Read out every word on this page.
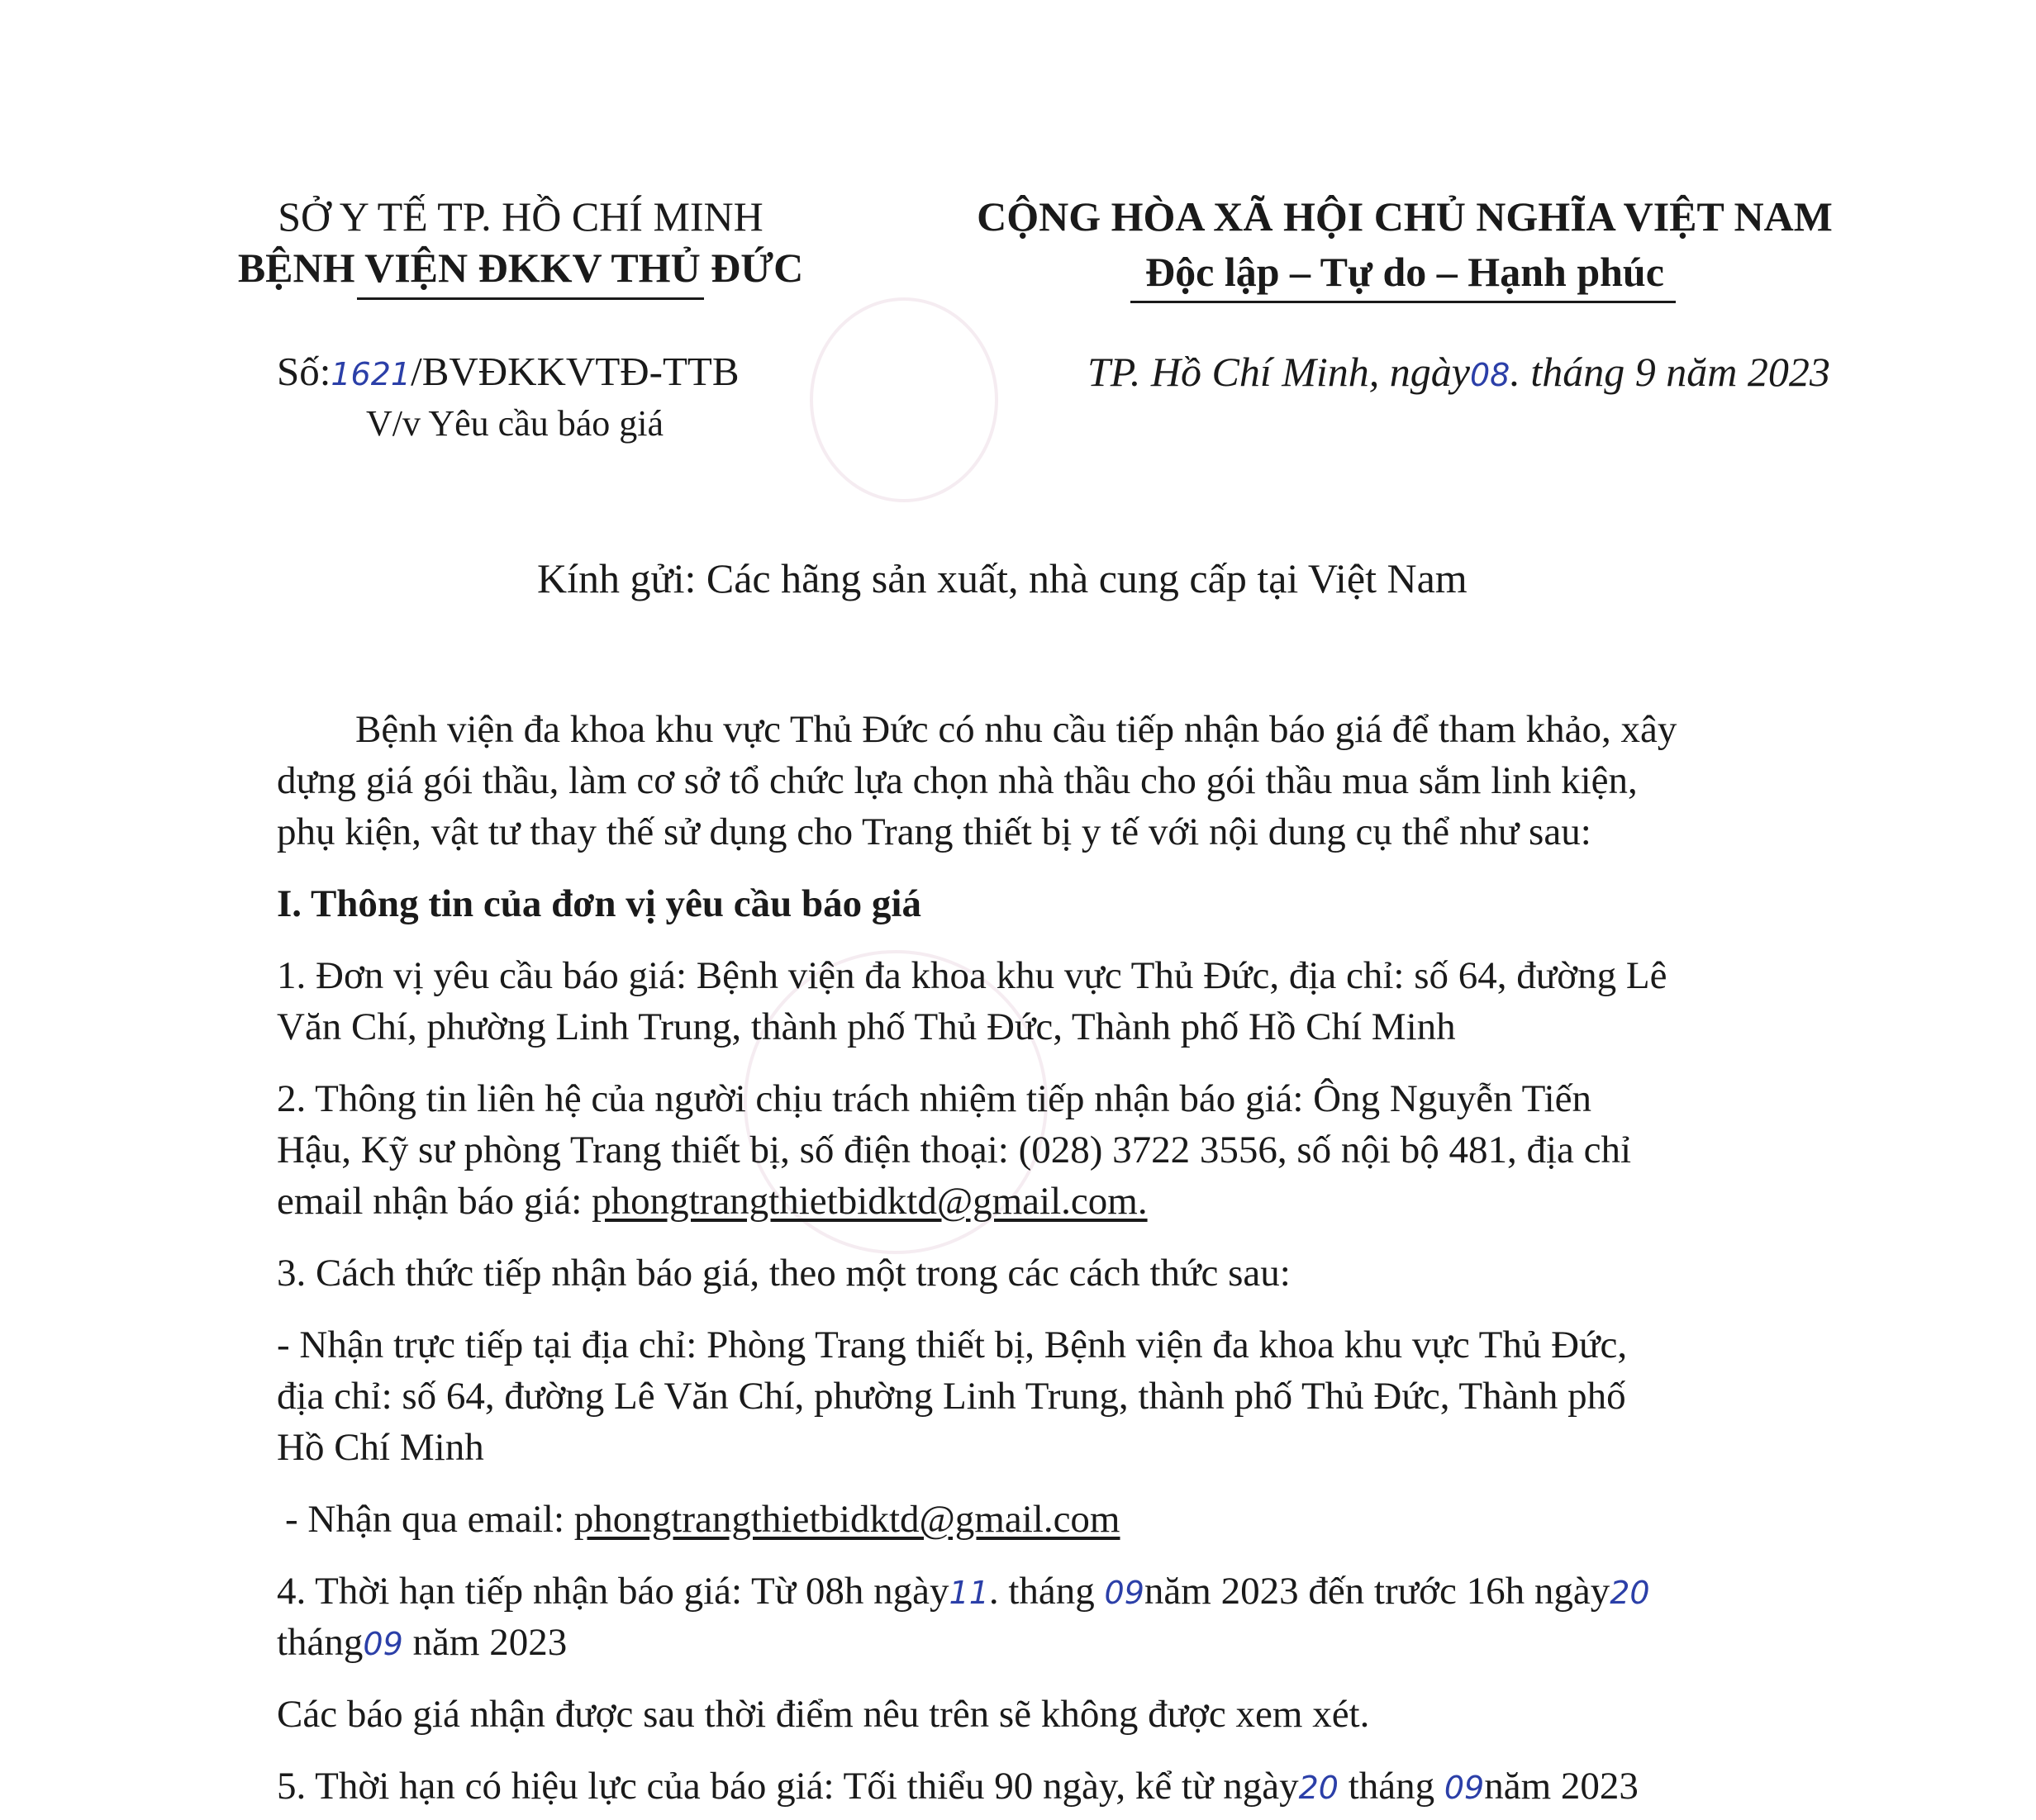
SỞ Y TẾ TP. HỒ CHÍ MINH
BỆNH VIỆN ĐKKV THỦ ĐỨC
CỘNG HÒA XÃ HỘI CHỦ NGHĨA VIỆT NAM
Độc lập – Tự do – Hạnh phúc
Số:1621/BVĐKKVTĐ-TTB
V/v Yêu cầu báo giá
TP. Hồ Chí Minh, ngày08. tháng 9 năm 2023
Kính gửi: Các hãng sản xuất, nhà cung cấp tại Việt Nam
Bệnh viện đa khoa khu vực Thủ Đức có nhu cầu tiếp nhận báo giá để tham khảo, xây
dựng giá gói thầu, làm cơ sở tổ chức lựa chọn nhà thầu cho gói thầu mua sắm linh kiện,
phụ kiện, vật tư thay thế sử dụng cho Trang thiết bị y tế với nội dung cụ thể như sau:
I. Thông tin của đơn vị yêu cầu báo giá
1. Đơn vị yêu cầu báo giá: Bệnh viện đa khoa khu vực Thủ Đức, địa chỉ: số 64, đường Lê
Văn Chí, phường Linh Trung, thành phố Thủ Đức, Thành phố Hồ Chí Minh
2. Thông tin liên hệ của người chịu trách nhiệm tiếp nhận báo giá: Ông Nguyễn Tiến
Hậu, Kỹ sư phòng Trang thiết bị, số điện thoại: (028) 3722 3556, số nội bộ 481, địa chỉ
email nhận báo giá: phongtrangthietbidktd@gmail.com.
3. Cách thức tiếp nhận báo giá, theo một trong các cách thức sau:
- Nhận trực tiếp tại địa chỉ: Phòng Trang thiết bị, Bệnh viện đa khoa khu vực Thủ Đức,
địa chỉ: số 64, đường Lê Văn Chí, phường Linh Trung, thành phố Thủ Đức, Thành phố
Hồ Chí Minh
- Nhận qua email: phongtrangthietbidktd@gmail.com
4. Thời hạn tiếp nhận báo giá: Từ 08h ngày11. tháng 09năm 2023 đến trước 16h ngày20
tháng09 năm 2023
Các báo giá nhận được sau thời điểm nêu trên sẽ không được xem xét.
5. Thời hạn có hiệu lực của báo giá: Tối thiểu 90 ngày, kể từ ngày20 tháng 09năm 2023
